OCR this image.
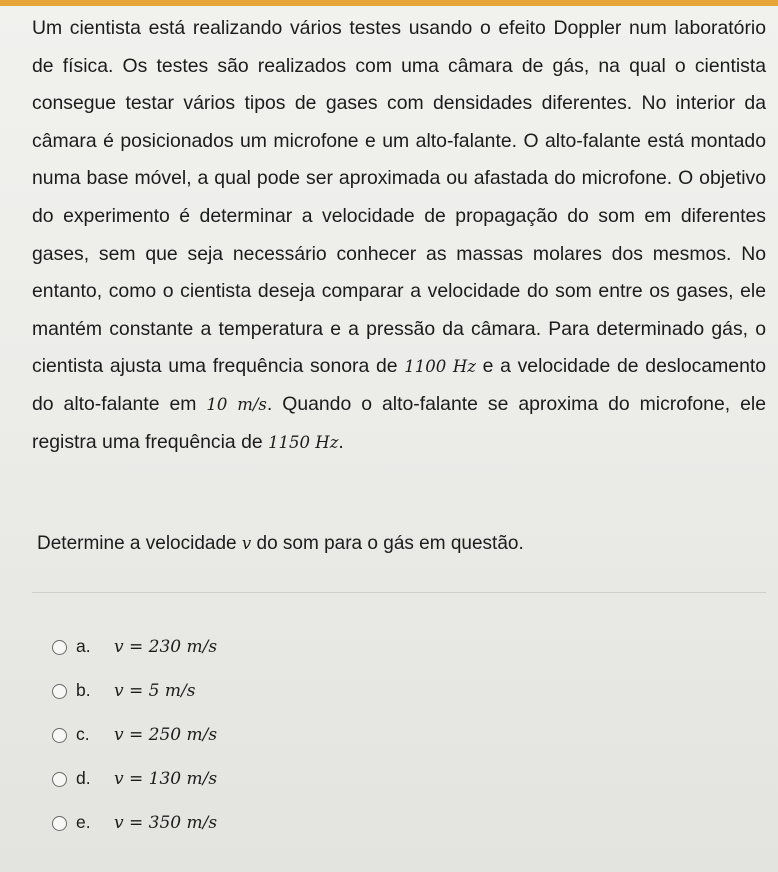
Um cientista está realizando vários testes usando o efeito Doppler num laboratório de física. Os testes são realizados com uma câmara de gás, na qual o cientista consegue testar vários tipos de gases com densidades diferentes. No interior da câmara é posicionados um microfone e um alto-falante. O alto-falante está montado numa base móvel, a qual pode ser aproximada ou afastada do microfone. O objetivo do experimento é determinar a velocidade de propagação do som em diferentes gases, sem que seja necessário conhecer as massas molares dos mesmos. No entanto, como o cientista deseja comparar a velocidade do som entre os gases, ele mantém constante a temperatura e a pressão da câmara. Para determinado gás, o cientista ajusta uma frequência sonora de 1100 Hz e a velocidade de deslocamento do alto-falante em 10 m/s. Quando o alto-falante se aproxima do microfone, ele registra uma frequência de 1150 Hz.

Determine a velocidade v do som para o gás em questão.
a. v = 230 m/s
b. v = 5 m/s
c. v = 250 m/s
d. v = 130 m/s
e. v = 350 m/s
